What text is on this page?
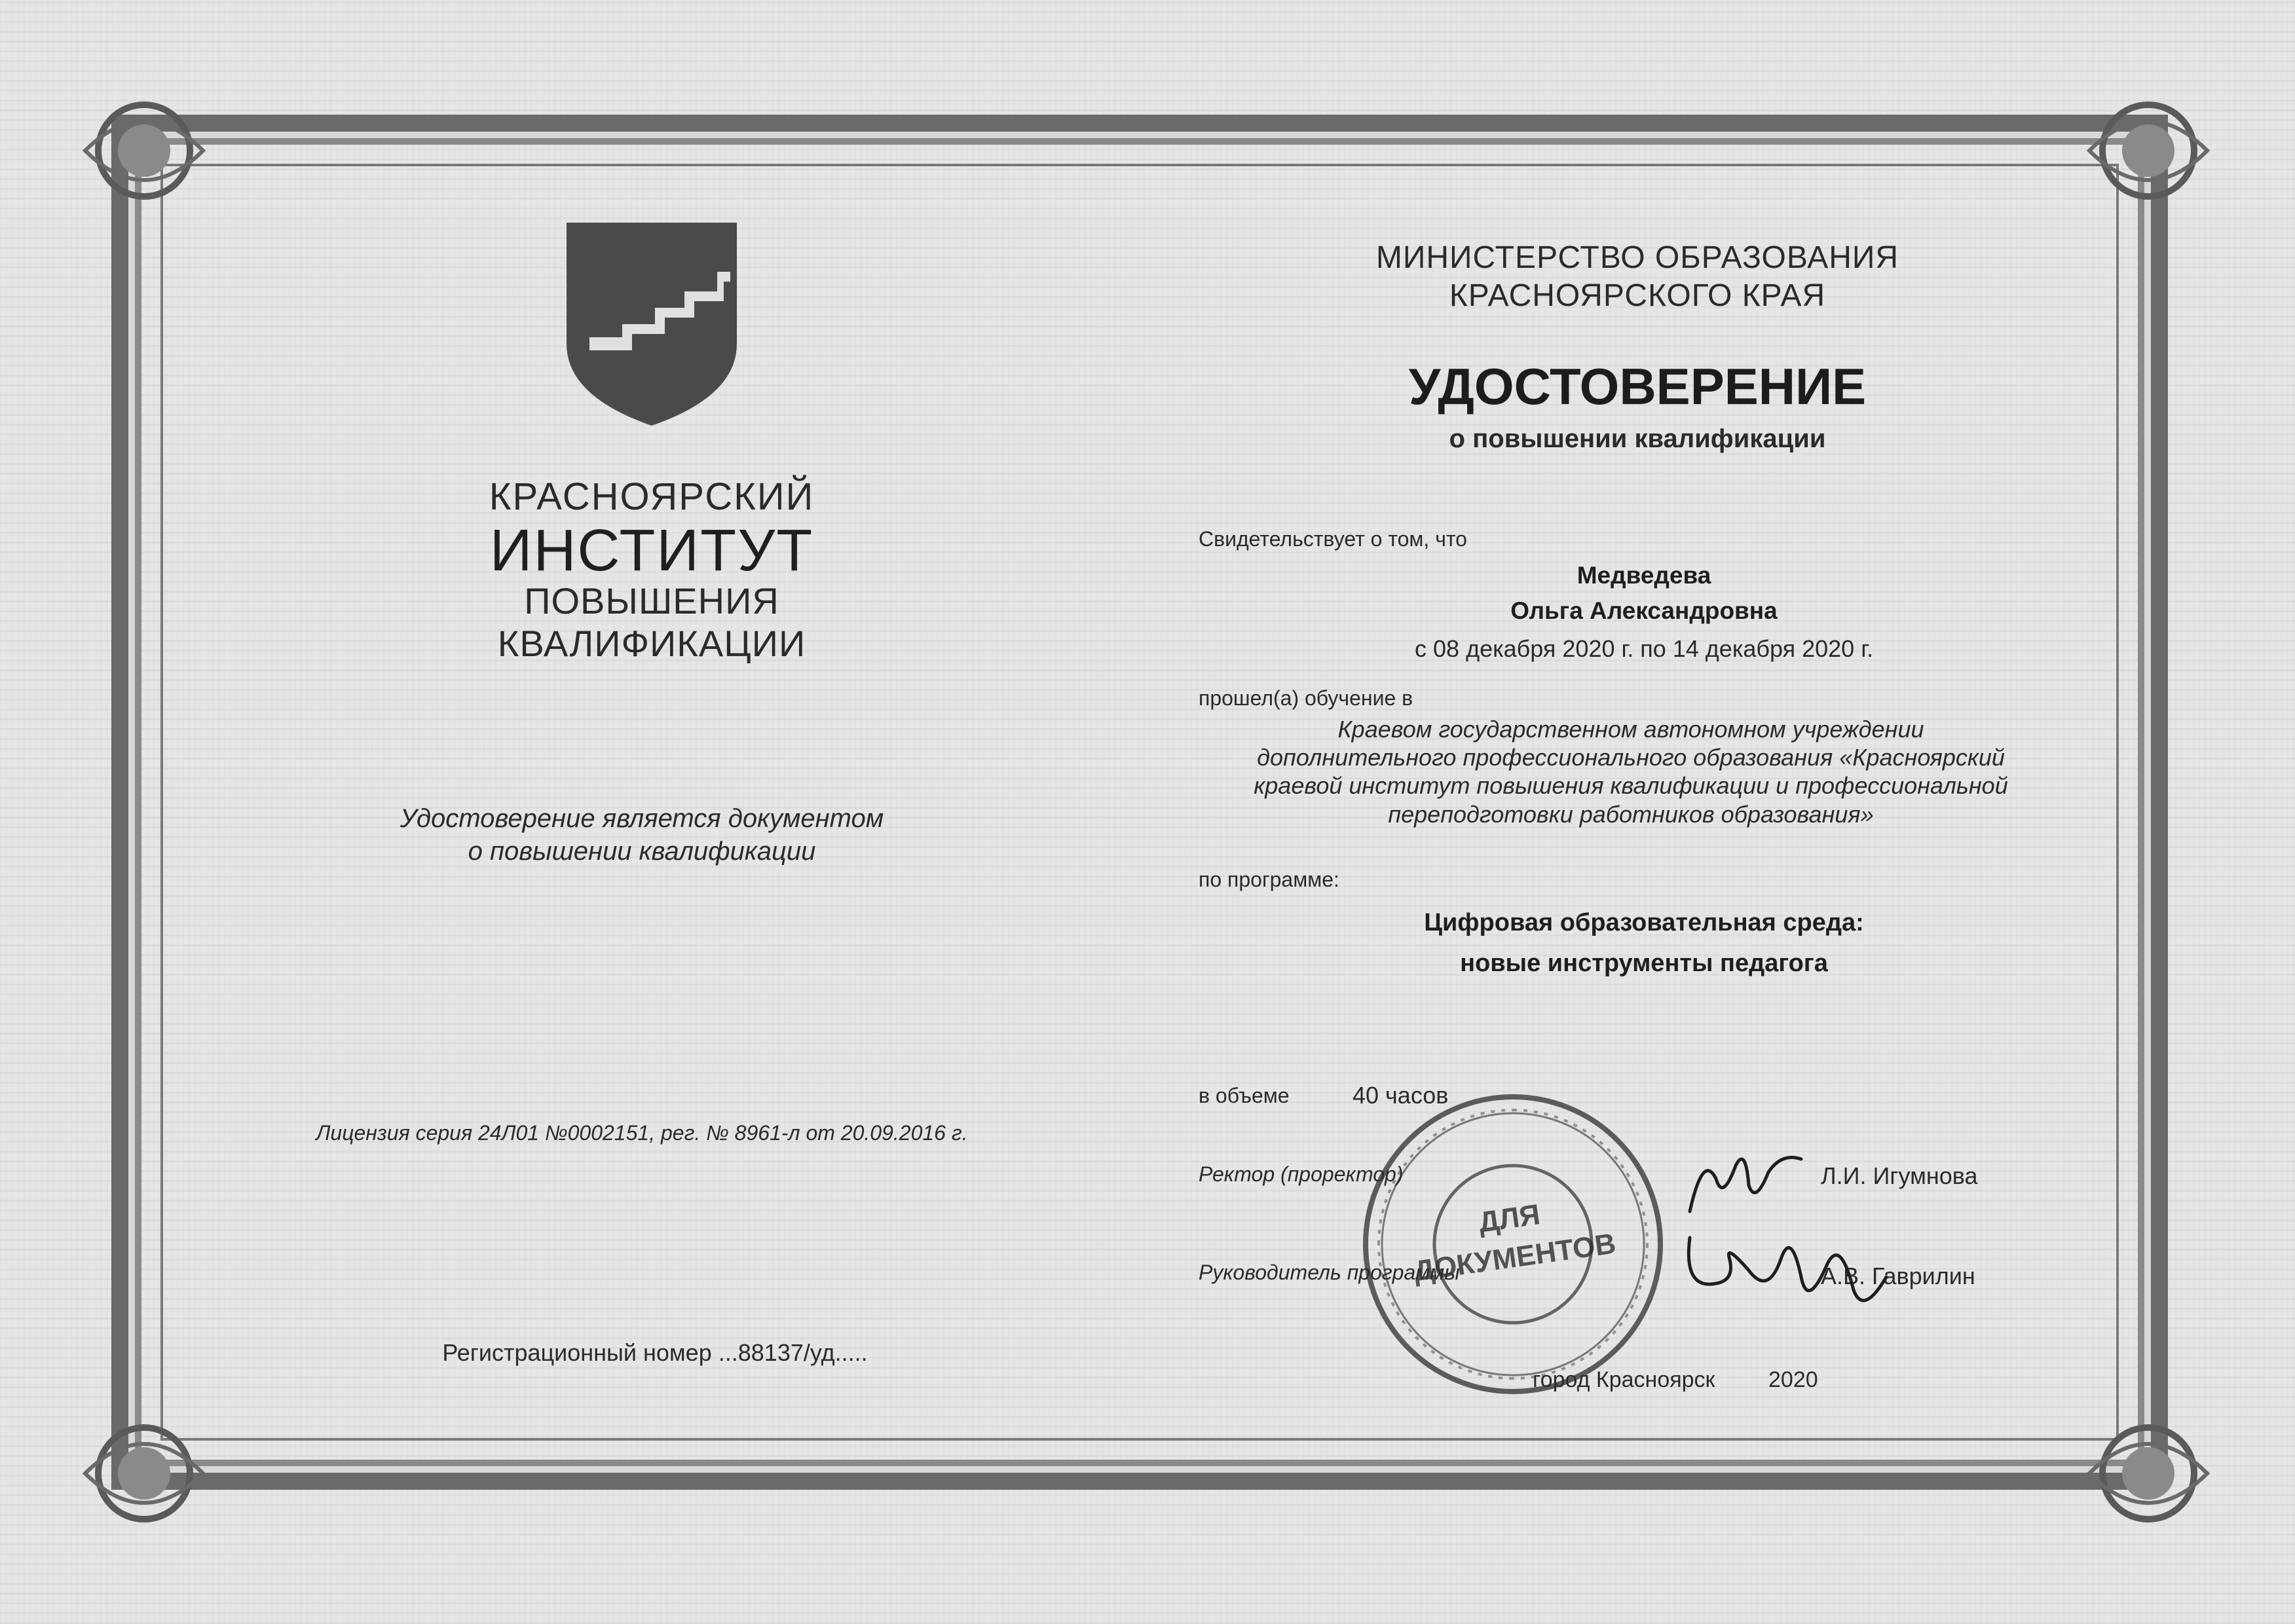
КРАСНОЯРСКИЙ
ИНСТИТУТ
ПОВЫШЕНИЯ
КВАЛИФИКАЦИИ
Удостоверение является документом
о повышении квалификации
Лицензия серия 24Л01 №0002151, рег. № 8961-л от 20.09.2016 г.
Регистрационный номер ...88137/уд.....
МИНИСТЕРСТВО ОБРАЗОВАНИЯ
КРАСНОЯРСКОГО КРАЯ
УДОСТОВЕРЕНИЕ
о повышении квалификации
Свидетельствует о том, что
Медведева
Ольга Александровна
с 08 декабря 2020 г. по 14 декабря 2020 г.
прошел(а) обучение в
Краевом государственном автономном учреждении
дополнительного профессионального образования «Красноярский
краевой институт повышения квалификации и профессиональной
переподготовки работников образования»
по программе:
Цифровая образовательная среда:
новые инструменты педагога
в объеме	40 часов
Ректор (проректор)	Л.И. Игумнова
Руководитель программы	А.В. Гаврилин
город Красноярск 2020
ДЛЯ
ДОКУМЕНТОВ
